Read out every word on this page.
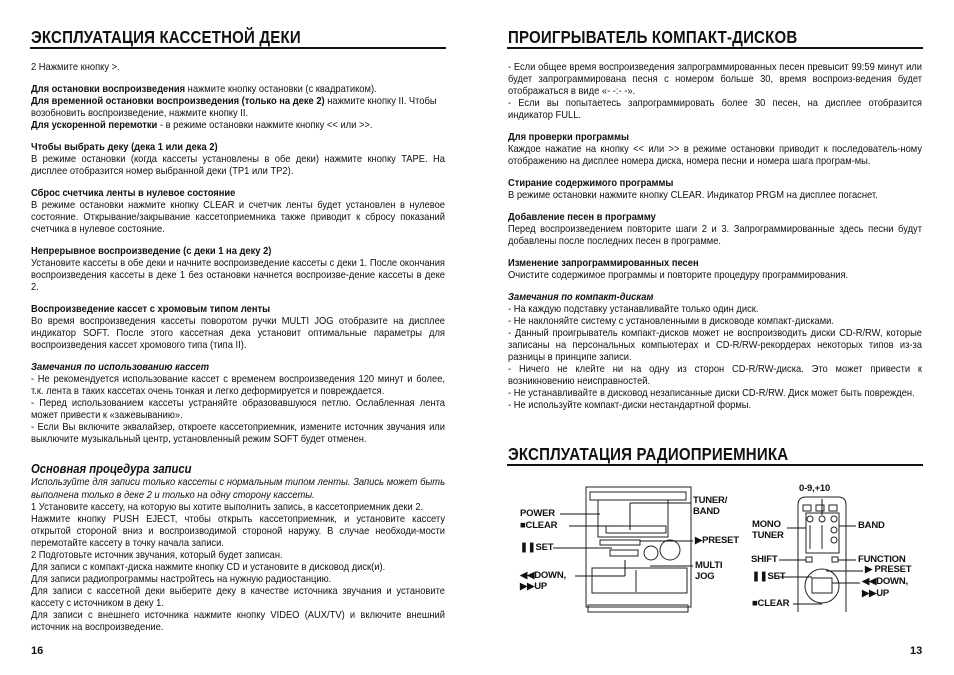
ЭКСПЛУАТАЦИЯ КАССЕТНОЙ ДЕКИ

2 Нажмите кнопку >.

Для остановки воспроизведения нажмите кнопку остановки (с квадратиком).

Для временной остановки воспроизведения (только на деке 2) нажмите кнопку II. Чтобы возобновить воспроизведение, нажмите кнопку II.

Для ускоренной перемотки - в режиме остановки нажмите кнопку << или >>.

Чтобы выбрать деку (дека 1 или дека 2)

В режиме остановки (когда кассеты установлены в обе деки) нажмите кнопку TAPE. На дисплее отобразится номер выбранной деки (TP1 или TP2).

Сброс счетчика ленты в нулевое состояние

В режиме остановки нажмите кнопку CLEAR и счетчик ленты будет установлен в нулевое состояние. Открывание/закрывание кассетоприемника также приводит к сбросу показаний счетчика в нулевое состояние.

Непрерывное воспроизведение (с деки 1 на деку 2)

Установите кассеты в обе деки и начните воспроизведение кассеты с деки 1. После окончания воспроизведения кассеты в деке 1 без остановки начнется воспроизве-дение кассеты в деке 2.

Воспроизведение кассет с хромовым типом ленты

Во время воспроизведения кассеты поворотом ручки MULTI JOG отобразите на дисплее индикатор SOFT. После этого кассетная дека установит оптимальные параметры для воспроизведения кассет хромового типа (типа II).

Замечания по использованию кассет

- Не рекомендуется использование кассет с временем воспроизведения 120 минут и более, т.к. лента в таких кассетах очень тонкая и легко деформируется и повреждается.

- Перед использованием кассеты устраняйте образовавшуюся петлю. Ослабленная лента может привести к «зажевыванию».

- Если Вы включите эквалайзер, откроете кассетоприемник, измените источник звучания или выключите музыкальный центр, установленный режим SOFT будет отменен.

Основная процедура записи

Используйте для записи только кассеты с нормальным типом ленты. Запись может быть выполнена только в деке 2 и только на одну сторону кассеты.

1 Установите кассету, на которую вы хотите выполнить запись, в кассетоприемник деки 2.

Нажмите кнопку PUSH EJECT, чтобы открыть кассетоприемник, и установите кассету открытой стороной вниз и воспроизводимой стороной наружу. В случае необходи-мости перемотайте кассету в точку начала записи.

2 Подготовьте источник звучания, который будет записан.

Для записи с компакт-диска нажмите кнопку CD и установите в дисковод диск(и).

Для записи радиопрограммы настройтесь на нужную радиостанцию.

Для записи с кассетной деки выберите деку в качестве источника звучания и установите кассету с источником в деку 1.

Для записи с внешнего источника нажмите кнопку VIDEO (AUX/TV) и включите внешний источник на воспроизведение.

16
ПРОИГРЫВАТЕЛЬ КОМПАКТ-ДИСКОВ

- Если общее время воспроизведения запрограммированных песен превысит 99:59 минут или будет запрограммирована песня с номером больше 30, время воспроиз-ведения будет отображаться в виде «- -:- -».

- Если вы попытаетесь запрограммировать более 30 песен, на дисплее отобразится индикатор FULL.

Для проверки программы

Каждое нажатие на кнопку << или >> в режиме остановки приводит к последователь-ному отображению на дисплее номера диска, номера песни и номера шага програм-мы.

Стирание содержимого программы

В режиме остановки нажмите кнопку CLEAR. Индикатор PRGM на дисплее погаснет.

Добавление песен в программу

Перед воспроизведением повторите шаги 2 и 3. Запрограммированные здесь песни будут добавлены после последних песен в программе.

Изменение запрограммированных песен

Очистите содержимое программы и повторите процедуру программирования.

Замечания по компакт-дискам

- На каждую подставку устанавливайте только один диск.

- Не наклоняйте систему с установленными в дисководе компакт-дисками.

- Данный проигрыватель компакт-дисков может не воспроизводить диски CD-R/RW, которые записаны на персональных компьютерах и CD-R/RW-рекордерах некоторых типов из-за разницы в принципе записи.

- Ничего не клейте ни на одну из сторон CD-R/RW-диска. Это может привести к возникновению неисправностей.

- Не устанавливайте в дисковод незаписанные диски CD-R/RW. Диск может быть поврежден.

- Не используйте компакт-диски нестандартной формы.

ЭКСПЛУАТАЦИЯ РАДИОПРИЕМНИКА
POWER
■CLEAR
❚❚SET
◀◀DOWN,
▶▶UP
TUNER/
BAND
▶PRESET
MULTI
JOG
0-9,+10
MONO
TUNER
BAND
SHIFT	FUNCTION
❚❚SET
▶ PRESET
◀◀DOWN,
▶▶UP
■CLEAR
13
